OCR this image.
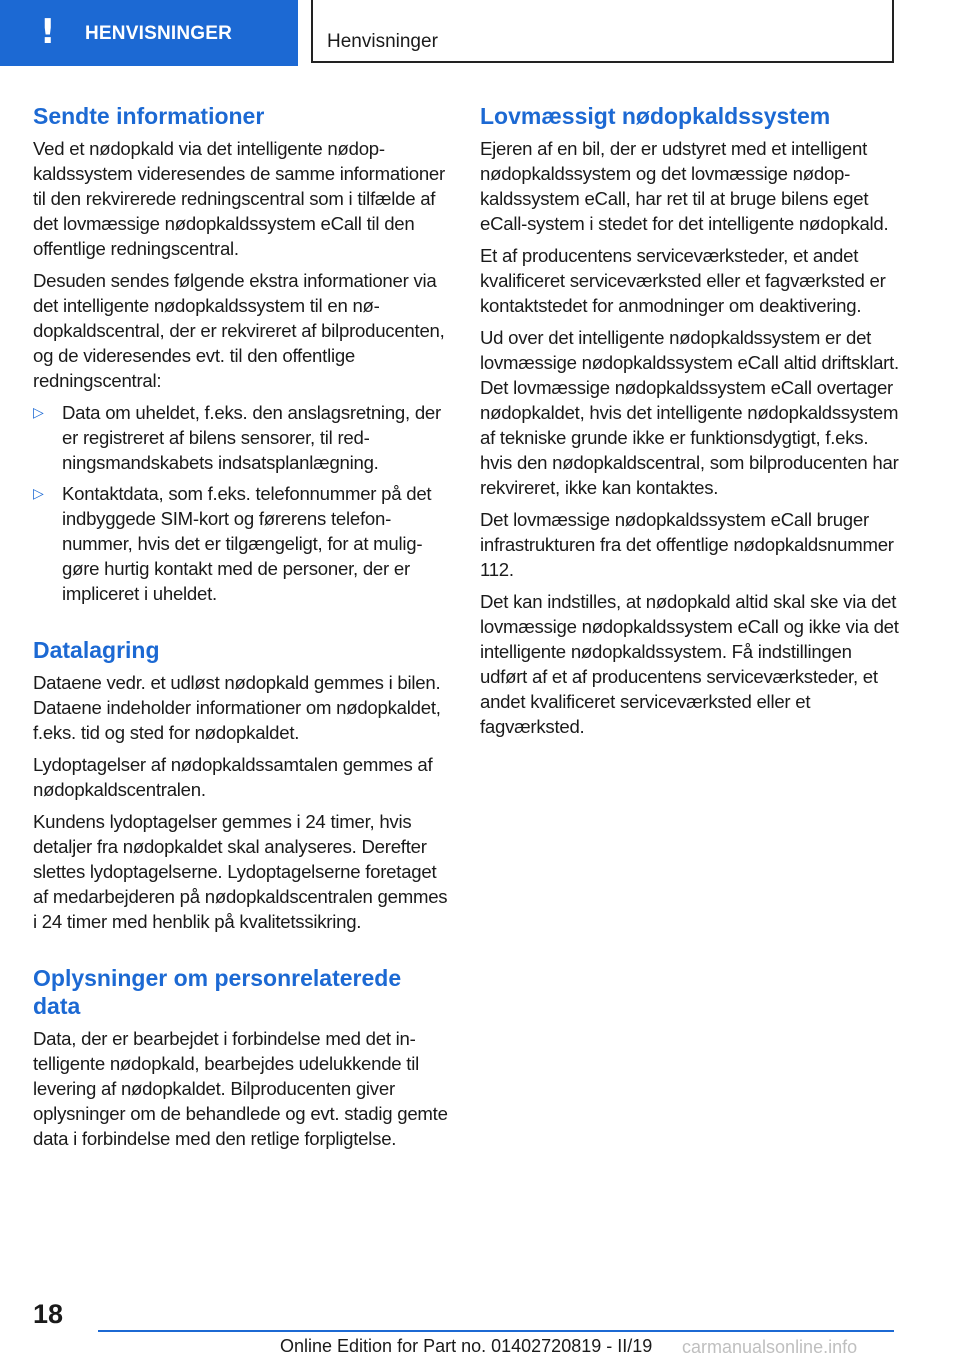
! HENVISNINGER	Henvisninger
Sendte informationer

Ved et nødopkald via det intelligente nødopkaldssystem videresendes de samme informationer til den rekvirerede redningscentral som i tilfælde af det lovmæssige nødopkaldssystem eCall til den offentlige redningscentral.

Desuden sendes følgende ekstra informationer via det intelligente nødopkaldssystem til en nødopkaldscentral, der er rekvireret af bilproducenten, og de videresendes evt. til den offentlige redningscentral:

▷ Data om uheldet, f.eks. den anslagsretning, der er registreret af bilens sensorer, til redningsmandskabets indsatsplanlægning.
▷ Kontaktdata, som f.eks. telefonnummer på det indbyggede SIM-kort og førerens telefonnummer, hvis det er tilgængeligt, for at muliggøre hurtig kontakt med de personer, der er impliceret i uheldet.
Datalagring

Dataene vedr. et udløst nødopkald gemmes i bilen. Dataene indeholder informationer om nødopkaldet, f.eks. tid og sted for nødopkaldet.

Lydoptagelser af nødopkaldssamtalen gemmes af nødopkaldscentralen.

Kundens lydoptagelser gemmes i 24 timer, hvis detaljer fra nødopkaldet skal analyseres. Derefter slettes lydoptagelserne. Lydoptagelserne foretaget af medarbejderen på nødopkaldscentralen gemmes i 24 timer med henblik på kvalitetssikring.

Oplysninger om personrelaterede data

Data, der er bearbejdet i forbindelse med det intelligente nødopkald, bearbejdes udelukkende til levering af nødopkaldet. Bilproducenten giver oplysninger om de behandlede og evt. stadig gemte data i forbindelse med den retlige forpligtelse.

Lovmæssigt nødopkaldssystem

Ejeren af en bil, der er udstyret med et intelligent nødopkaldssystem og det lovmæssige nødopkaldssystem eCall, har ret til at bruge bilens eget eCall-system i stedet for det intelligente nødopkald.

Et af producentens serviceværksteder, et andet kvalificeret serviceværksted eller et fagværksted er kontaktstedet for anmodninger om deaktivering.

Ud over det intelligente nødopkaldssystem er det lovmæssige nødopkaldssystem eCall altid driftsklart. Det lovmæssige nødopkaldssystem eCall overtager nødopkaldet, hvis det intelligente nødopkaldssystem af tekniske grunde ikke er funktionsdygtigt, f.eks. hvis den nødopkaldscentral, som bilproducenten har rekvireret, ikke kan kontaktes.

Det lovmæssige nødopkaldssystem eCall bruger infrastrukturen fra det offentlige nødopkaldsnummer 112.

Det kan indstilles, at nødopkald altid skal ske via det lovmæssige nødopkaldssystem eCall og ikke via det intelligente nødopkaldssystem. Få indstillingen udført af et af producentens serviceværksteder, et andet kvalificeret serviceværksted eller et fagværksted.

18
Online Edition for Part no. 01402720819 - II/19 carmanualsonline.info
